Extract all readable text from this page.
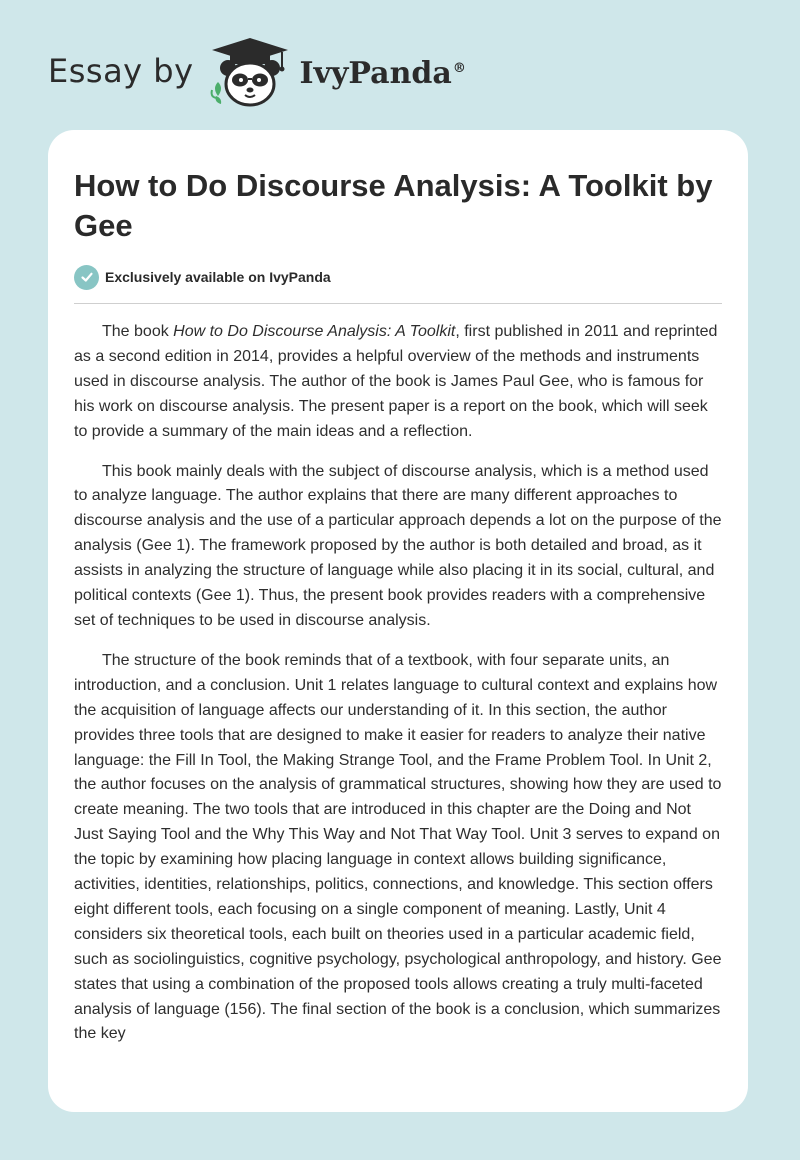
Essay by	IvyPanda®
How to Do Discourse Analysis: A Toolkit by Gee
Exclusively available on IvyPanda

The book How to Do Discourse Analysis: A Toolkit, first published in 2011 and reprinted as a second edition in 2014, provides a helpful overview of the methods and instruments used in discourse analysis. The author of the book is James Paul Gee, who is famous for his work on discourse analysis. The present paper is a report on the book, which will seek to provide a summary of the main ideas and a reflection.

This book mainly deals with the subject of discourse analysis, which is a method used to analyze language. The author explains that there are many different approaches to discourse analysis and the use of a particular approach depends a lot on the purpose of the analysis (Gee 1). The framework proposed by the author is both detailed and broad, as it assists in analyzing the structure of language while also placing it in its social, cultural, and political contexts (Gee 1). Thus, the present book provides readers with a comprehensive set of techniques to be used in discourse analysis.

The structure of the book reminds that of a textbook, with four separate units, an introduction, and a conclusion. Unit 1 relates language to cultural context and explains how the acquisition of language affects our understanding of it. In this section, the author provides three tools that are designed to make it easier for readers to analyze their native language: the Fill In Tool, the Making Strange Tool, and the Frame Problem Tool. In Unit 2, the author focuses on the analysis of grammatical structures, showing how they are used to create meaning. The two tools that are introduced in this chapter are the Doing and Not Just Saying Tool and the Why This Way and Not That Way Tool. Unit 3 serves to expand on the topic by examining how placing language in context allows building significance, activities, identities, relationships, politics, connections, and knowledge. This section offers eight different tools, each focusing on a single component of meaning. Lastly, Unit 4 considers six theoretical tools, each built on theories used in a particular academic field, such as sociolinguistics, cognitive psychology, psychological anthropology, and history. Gee states that using a combination of the proposed tools allows creating a truly multi-faceted analysis of language (156). The final section of the book is a conclusion, which summarizes the key
